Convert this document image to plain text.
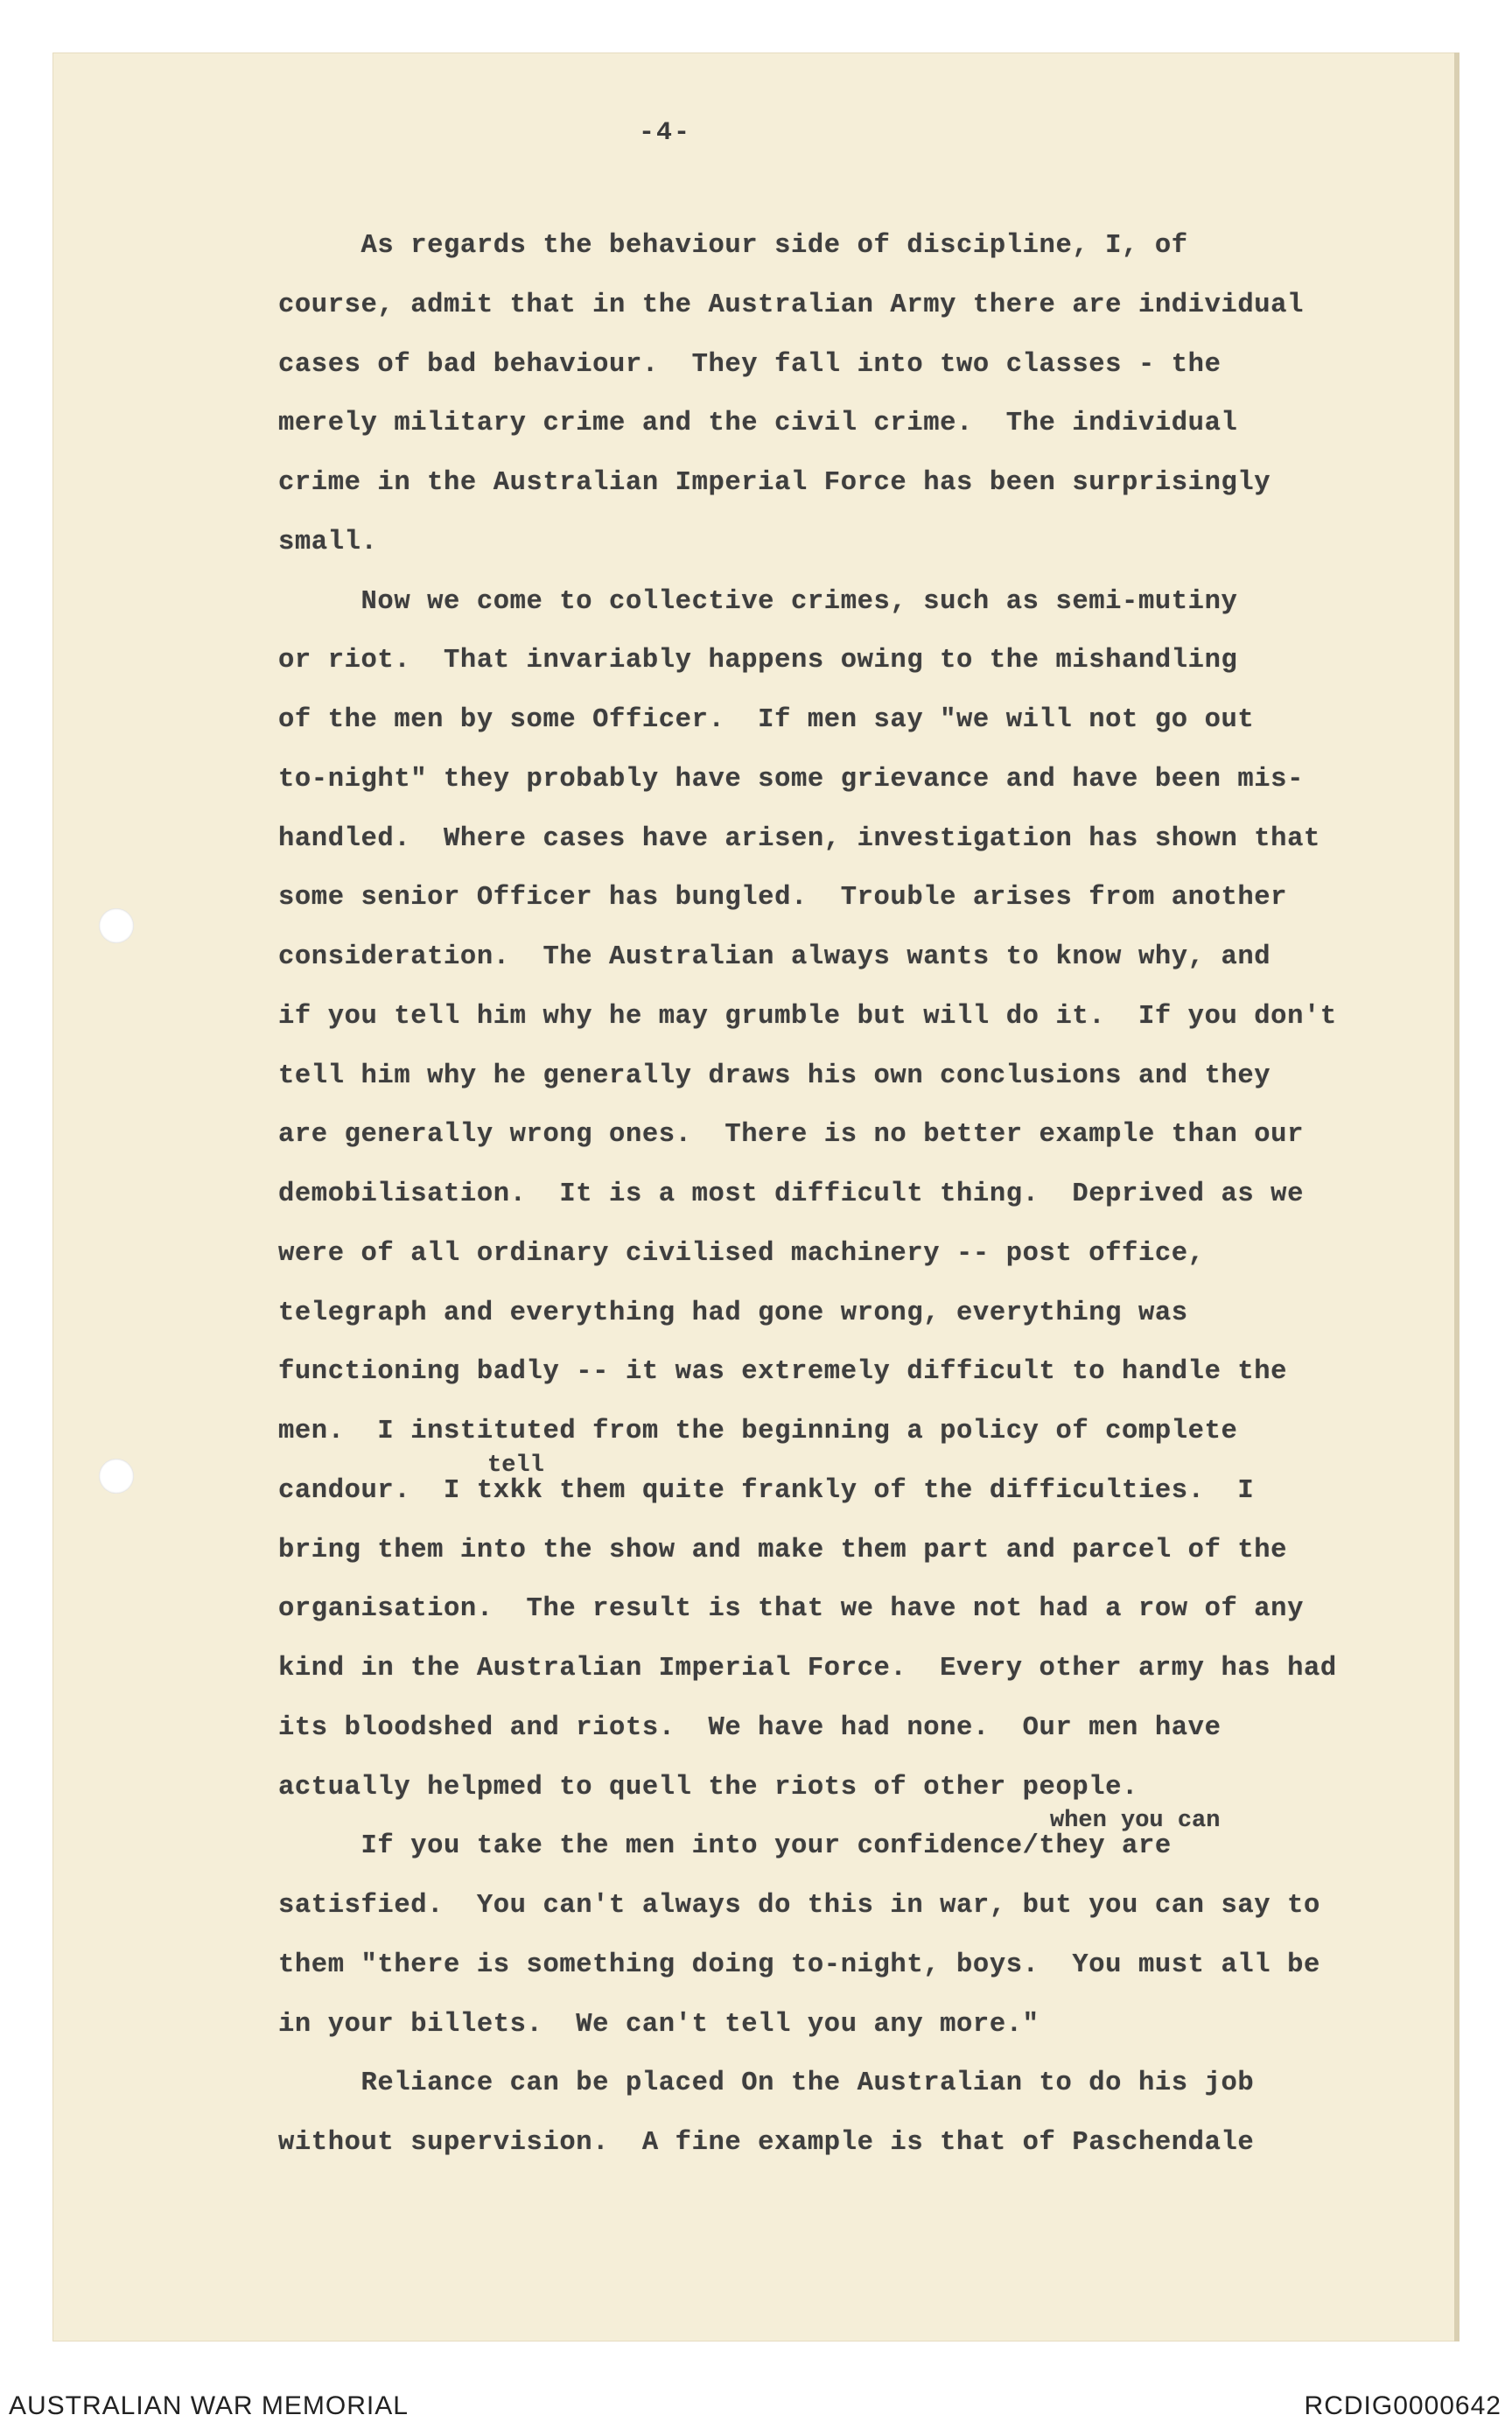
-4-
As regards the behaviour side of discipline, I, of
course, admit that in the Australian Army there are individual
cases of bad behaviour.  They fall into two classes - the
merely military crime and the civil crime.  The individual
crime in the Australian Imperial Force has been surprisingly
small.
Now we come to collective crimes, such as semi-mutiny
or riot.  That invariably happens owing to the mishandling
of the men by some Officer.  If men say "we will not go out
to-night" they probably have some grievance and have been mis-
handled.  Where cases have arisen, investigation has shown that
some senior Officer has bungled.  Trouble arises from another
consideration.  The Australian always wants to know why, and
if you tell him why he may grumble but will do it.  If you don't
tell him why he generally draws his own conclusions and they
are generally wrong ones.  There is no better example than our
demobilisation.  It is a most difficult thing.  Deprived as we
were of all ordinary civilised machinery -- post office,
telegraph and everything had gone wrong, everything was
functioning badly -- it was extremely difficult to handle the
men.  I instituted from the beginning a policy of complete
candour.  I txkk them quite frankly of the difficulties.  I
bring them into the show and make them part and parcel of the
organisation.  The result is that we have not had a row of any
kind in the Australian Imperial Force.  Every other army has had
its bloodshed and riots.  We have had none.  Our men have
actually helpmed to quell the riots of other people.
If you take the men into your confidence/they are
satisfied.  You can't always do this in war, but you can say to
them "there is something doing to-night, boys.  You must all be
in your billets.  We can't tell you any more."
Reliance can be placed On the Australian to do his job
without supervision.  A fine example is that of Paschendale
tell
when you can
AUSTRALIAN WAR MEMORIAL	RCDIG0000642
